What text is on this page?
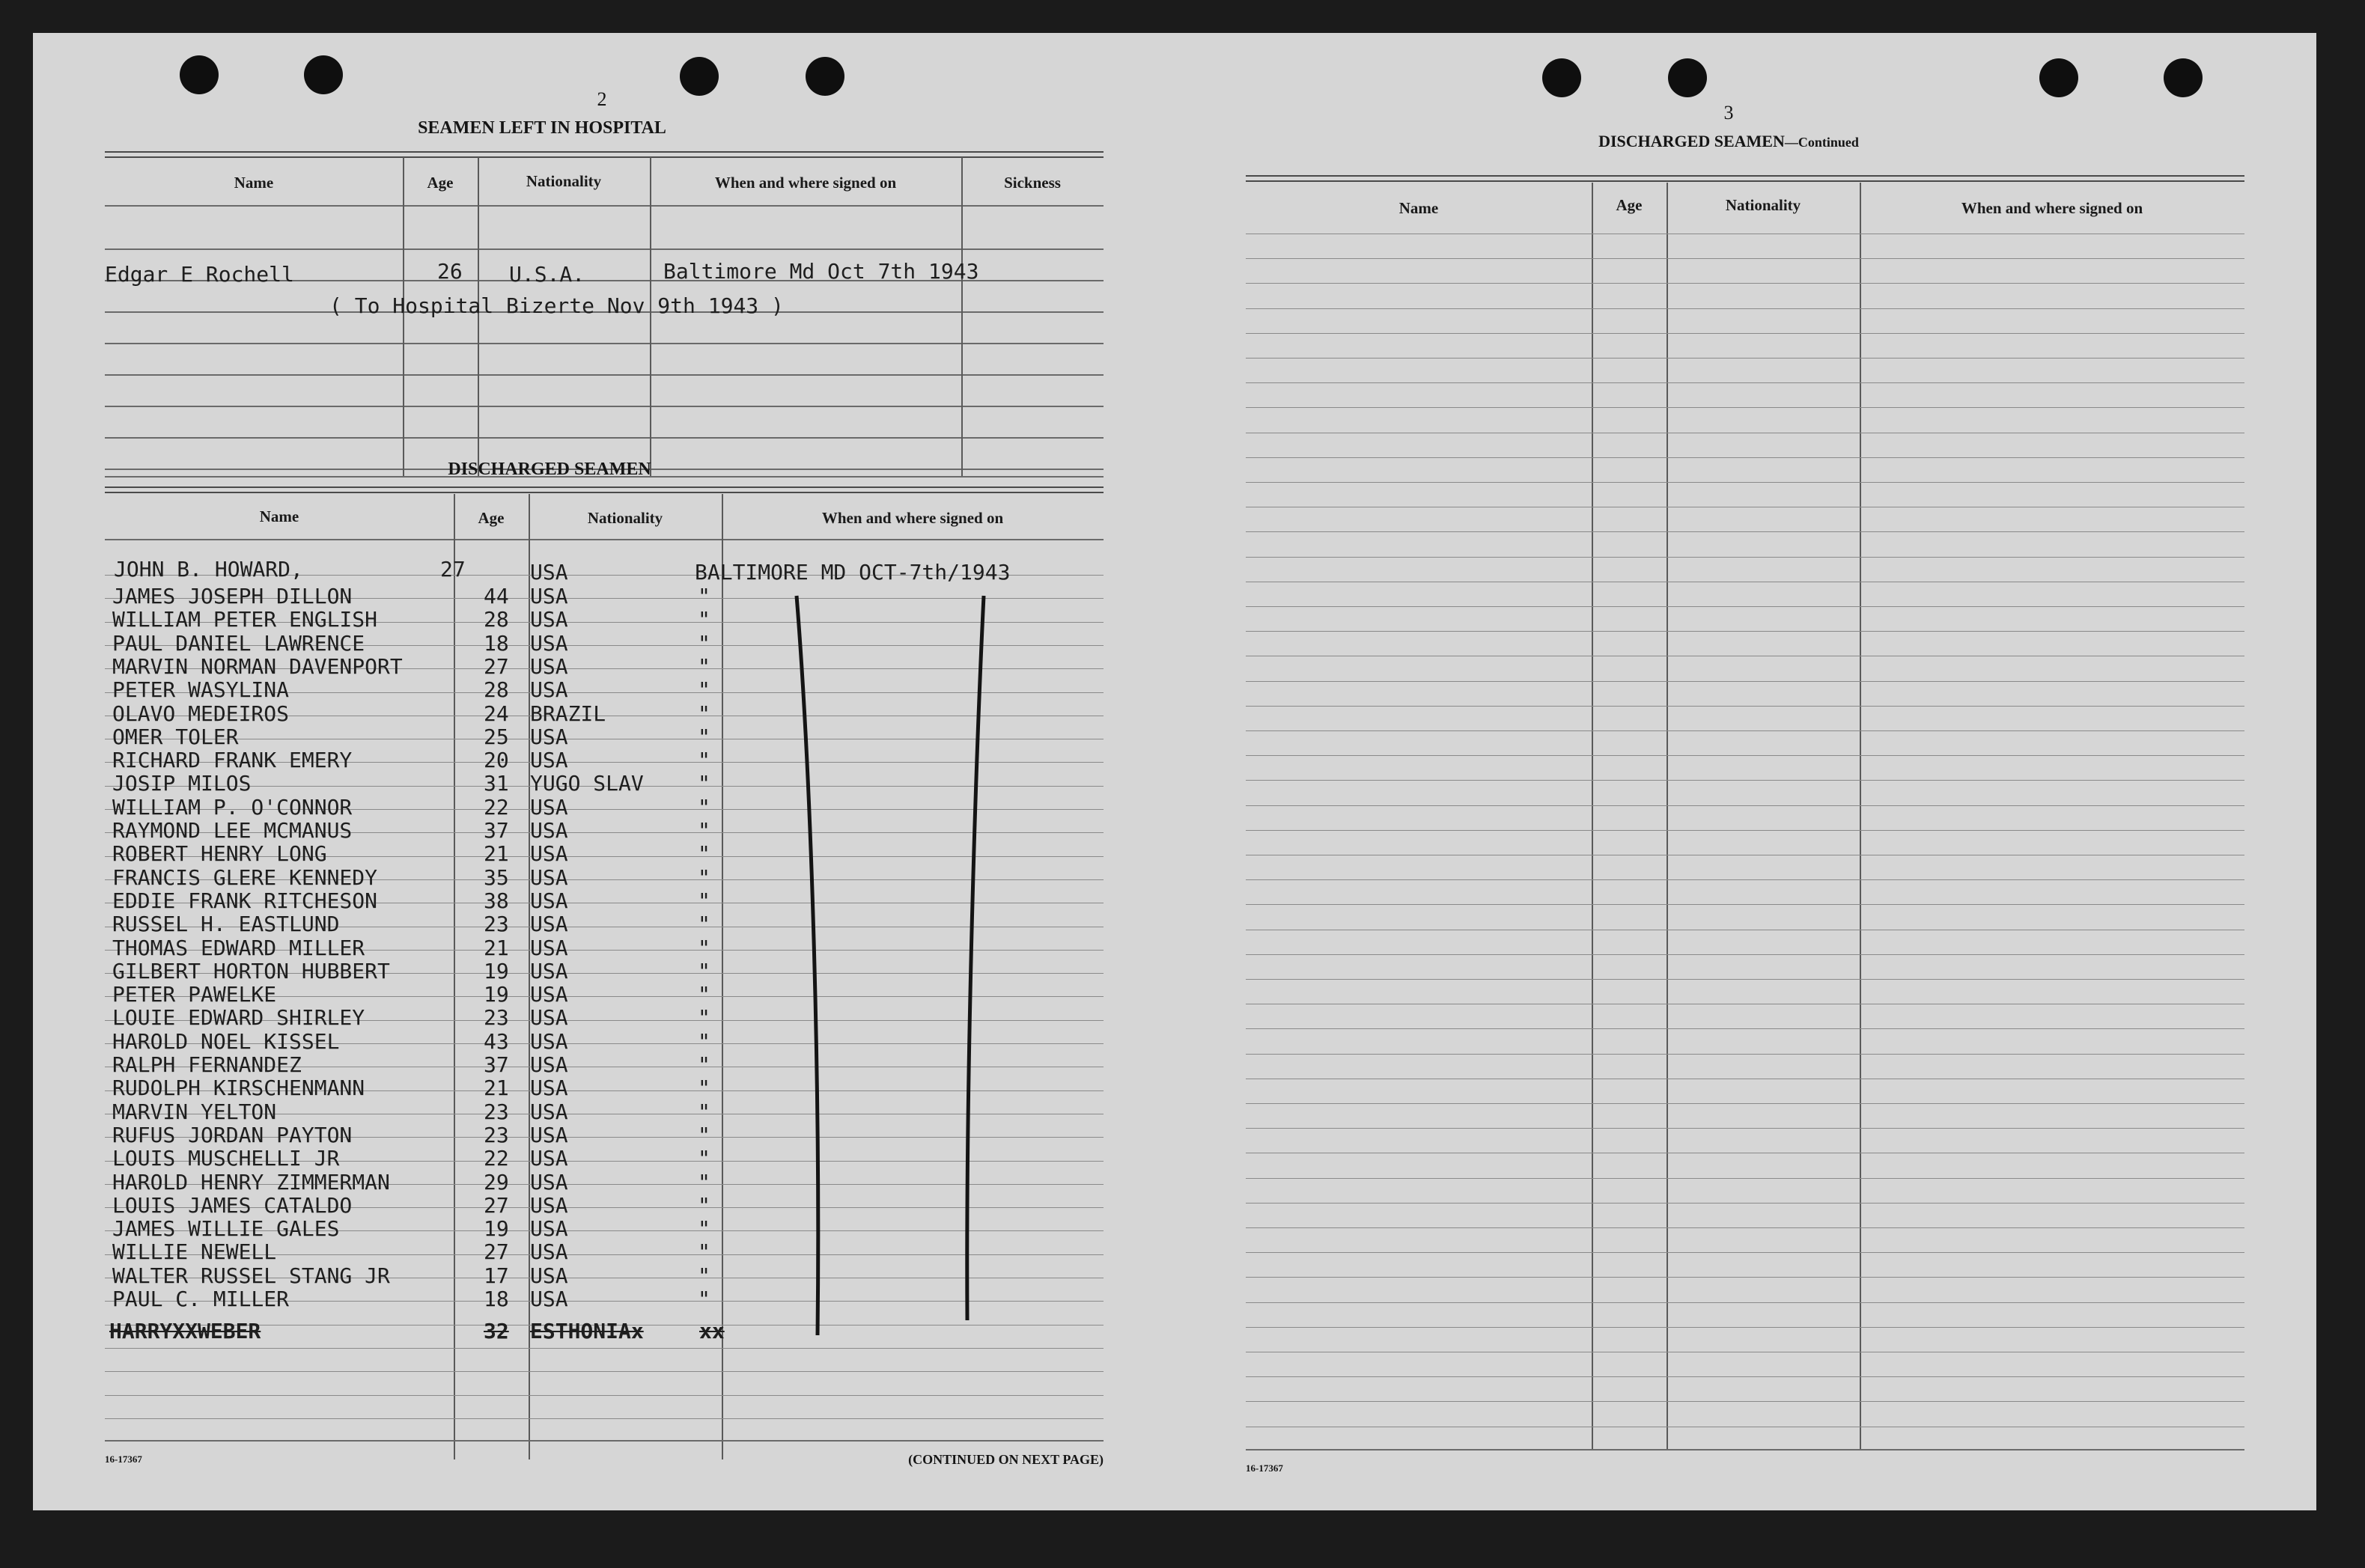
2
SEAMEN LEFT IN HOSPITAL
Name	Age	Nationality	When and where signed on	Sickness
Edgar E Rochell	26 U.S.A.	Baltimore Md Oct 7th 1943
( To Hospital Bizerte Nov 9th 1943 )
DISCHARGED SEAMEN
Name	Age	Nationality	When and where signed on
JOHN B. HOWARD,	27	USA	BALTIMORE MD OCT-7th/1943
JAMES JOSEPH DILLON	44 USA	"
WILLIAM PETER ENGLISH	28 USA	"
PAUL DANIEL LAWRENCE	18 USA	"
MARVIN NORMAN DAVENPORT	27 USA	"
PETER WASYLINA	28 USA	"
OLAVO MEDEIROS	24 BRAZIL	"
OMER TOLER	25 USA	"
RICHARD FRANK EMERY	20 USA	"
JOSIP MILOS	31 YUGO SLAV	"
WILLIAM P. O'CONNOR	22 USA	"
RAYMOND LEE MCMANUS	37 USA	"
ROBERT HENRY LONG	21 USA	"
FRANCIS GLERE KENNEDY	35 USA	"
EDDIE FRANK RITCHESON	38 USA	"
RUSSEL H. EASTLUND	23 USA	"
THOMAS EDWARD MILLER	21 USA	"
GILBERT HORTON HUBBERT	19 USA	"
PETER PAWELKE	19 USA	"
LOUIE EDWARD SHIRLEY	23 USA	"
HAROLD NOEL KISSEL	43 USA	"
RALPH FERNANDEZ	37 USA	"
RUDOLPH KIRSCHENMANN	21 USA	"
MARVIN YELTON	23 USA	"
RUFUS JORDAN PAYTON	23 USA	"
LOUIS MUSCHELLI JR	22 USA	"
HAROLD HENRY ZIMMERMAN	29 USA	"
LOUIS JAMES CATALDO	27 USA	"
JAMES WILLIE GALES	19 USA	"
WILLIE NEWELL	27 USA	"
WALTER RUSSEL STANG JR	17 USA	"
PAUL C. MILLER	18 USA	"
HARRYXXWEBER	32 ESTHONIAx	xx
16-17367	(CONTINUED ON NEXT PAGE)
3
DISCHARGED SEAMEN—Continued
Name	Age	Nationality	When and where signed on
16-17367
